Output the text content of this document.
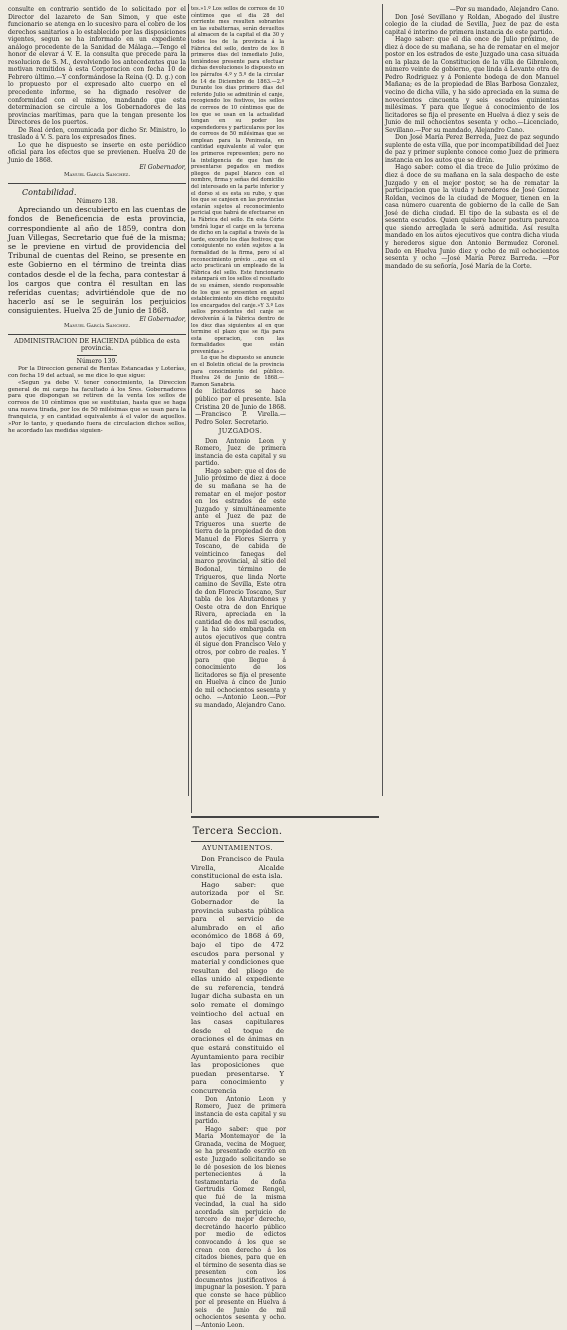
consulte en contrario sentido de lo solicitado por el Director del lazareto de San Simon, y que este funcionario se atenga en lo sucesivo para el cobro de los derechos sanitarios a lo establecido por las disposiciones vigentes, segun se ha informado en un expediente análogo procedente de la Sanidad de Málaga.—Tengo el honor de elevar á V. E. la consulta que precede para la resolucion de S. M., devolviendo los antecedentes que la motivan remitidos á esta Corporacion con fecha 10 de Febrero último.—Y conformándose la Reina (Q. D. g.) con lo propuesto por el expresado alto cuerpo en el precedente informe, se ha dignado resolver de conformidad con el mismo, mandando que esta determinacion se circule a los Gobernadores de las provincias marítimas, para que la tengan presente los Directores de los puertos.

De Real órden, comunicada por dicho Sr. Ministro, lo traslado á V. S. para los expresados fines.

Lo que he dispuesto se inserte en este periódico oficial para los efectos que se previenen. Huelva 20 de Junio de 1868.

El Gobernador,

Manuel García Sanchez.

Contabilidad.

Número 138.

Apreciando un descubierto en las cuentas de fondos de Beneficencia de esta provincia, correspondiente al año de 1859, contra don Juan Villegas, Secretario que fué de la misma; se le previene en virtud de providencia del Tribunal de cuentas del Reino, se presente en este Gobierno en el término de treinta dias contados desde el de la fecha, para contestar á los cargos que contra él resultan en las referidas cuentas; advirtiéndole que de no hacerlo así se le seguirán los perjuicios consiguientes. Huelva 25 de Junio de 1868.

El Gobernador,

Manuel García Sanchez.

ADMINISTRACION DE HACIENDA pública de esta provincia.

Número 139.

Por la Direccion general de Rentas Estancadas y Loterías, con fecha 19 del actual, se me dice lo que sigue:

«Segun ya debe V. tener conocimiento, la Direccion general de mi cargo ha facultado á los Sres. Gobernadores para que dispongan se retiren de la venta los sellos de correos de 10 céntimos que se sustituian, hasta que se haga una nueva tirada, por los de 50 milésimas que se usan para la franquicia, y en cantidad equivalente á el valor de aquellos. »Por lo tanto, y quedando fuera de circulacion dichos sellos, he acordado las medidas siguien-

tes.»1.º Los sellos de correos de 10 céntimos que el dia 28 del corriente mes resulten sobrantes en las subalternas, serán devueltos al almacen de la capital el dia 30 y todos los de la provincia á la Fábrica del sello, dentro de los 8 primeros dias del inmediato Julio, teniéndose presente para efectuar dichas devoluciones lo dispuesto en los párrafos 4.º y 5.º de la circular de 14 de Diciembre de 1863.—2.º Durante los dias primero dias del referido Julio se admitirán el canje, recogiendo los festivos, los sellos de correos de 10 céntimos que de los que se usan en la actualidad tengan en su poder los expendedores y particulares por los de correos de 50 milésimas que se emplean para la Peninsula, en cantidad equivalente al valor que los primeros representen; pero no la inteligencia de que han de presentarse pegados en medios pliegos de papel blanco con el nombre, firma y señas del domicilio del interesado en la parte inferior y el dorso si es esta su rubo, y que los que se canjeen en las provincias estarán sujetos al reconocimiento pericial que habrá de efectuarse en la Fábrica del sello. En esta Córte tendrá lugar el canje en la tercena de dicho en la capital a través de la tarde, excepto los dias festivos; que consiguiente no estén sujetos a la formalidad de la firma, pero sí al reconocimiento prévio ...que en el acto practicará un empleado de la Fábrica del sello. Este funcionario estampará en los sellos el resultado de su exámen, siendo responsable de los que se presenten en aquel establecimiento sin dicho requisito los encargados del canje.»Y 3.º Los sellos procedentes del canje se devolverán á la Fábrica dentro de los diez dias siguientes al en que termine el plazo que se fija para esta operacion, con las formalidades que están prevenidas.»

Lo que he dispuesto se anuncie en el Boletin oficial de la provincia para conocimiento del público. Huelva 24 de Junio de 1868.—Ramon Sanabria.

de licitadores se hace público por el presente. Isla Cristina 20 de Junio de 1868.—Francisco P. Virella.—Pedro Soler. Secretario.

JUZGADOS.

Don Antonio Leon y Romero, Juez de primera instancia de esta capital y su partido.

Hago saber: que el dos de Julio próximo de diez á doce de su mañana se ha de rematar en el mejor postor en los estrados de este Juzgado y simultáneamente ante el Juez de paz de Trigueros una suerte de tierra de la propiedad de don Manuel de Flores Sierra y Toscano, de cabida de veinticinco fanegas del marco provincial, al sitio del Bodonal, término de Trigueros, que linda Norte camino de Sevilla, Este otra de don Florecio Toscano, Sur tabla de los Abutardones y Oeste otra de don Enrique Rivera, apreciada en la cantidad de dos mil escudos, y la ha sido embargada en autos ejecutivos que contra él sigue don Francisco Velo y otros, por cobro de reales. Y para que llegue á conocimiento de los licitadores se fija el presente en Huelva á cinco de Junio de mil ochocientos sesenta y ocho. —Antonio Leon.—Por su mandado, Alejandro Cano.

Tercera Seccion.

AYUNTAMIENTOS.

Don Francisco de Paula Virella, Alcalde constitucional de esta isla.

Hago saber: que autorizada por el Sr. Gobernador de la provincia subasta pública para el servicio de alumbrado en el año económico de 1868 á 69, bajo el tipo de 472 escudos para personal y material y condiciones que resultan del pliego de ellas unido al expediente de su referencia, tendrá lugar dicha subasta en un solo remate el domingo veintiocho del actual en las casas capitulares desde el toque de oraciones el de ánimas en que estará constituido el Ayuntamiento para recibir las proposiciones que puedan presentarse. Y para conocimiento y concurrencia

Don Antonio Leon y Romero, Juez de primera instancia de esta capital y su partido.

Hago saber: que por Maria Montemayor de la Granada, vecina de Moguer, se ha presentado escrito en este Juzgado solicitando se le dé posesion de los bienes pertenecientes á la testamentaria de doña Gertrudis Gomez Rengel, que fué de la misma vecindad, la cual ha sido acordada sin perjuicio de tercero de mejor derecho, decretándo hacerlo público por medio de edictos convocando á los que se crean con derecho á los citados bienes, para que en el término de sesenta dias se presenten con los documentos justificativos á impugnar la posesion. Y para que conste se hace público por el presente en Huelva á seis de Junio de mil ochocientos sesenta y ocho.—Antonio Leon.

—Por su mandado, Alejandro Cano.

Don José Sevillano y Roldan, Abogado del ilustre colegio de la ciudad de Sevilla, Juez de paz de esta capital é interino de primera instancia de este partido.

Hago saber: que el dia once de Julio próximo, de diez á doce de su mañana, se ha de rematar en el mejor postor en los estrados de este Juzgado una casa situada en la plaza de la Constitucion de la villa de Gibraleon, número veinte de gobierno, que linda á Levante otra de Pedro Rodriguez y á Poniente bodega de don Manuel Mañana; es de la propiedad de Blas Barbosa Gonzalez, vecino de dicha villa, y ha sido apreciada en la suma de novecientos cincuenta y seis escudos quinientas milésimas. Y para que llegue á conocimiento de los licitadores se fija el presente en Huelva á diez y seis de Junio de mil ochocientos sesenta y ocho.—Licenciado, Sevillano.—Por su mandado, Alejandro Cano.

Don José María Perez Berreda, Juez de paz segundo suplente de esta villa, que por incompatibilidad del Juez de paz y primer suplente conoce como Juez de primera instancia en los autos que se dirán.

Hago saber: como el dia trece de Julio próximo de diez á doce de su mañana en la sala despacho de este Juzgado y en el mejor postor, se ha de rematar la participacion que la viuda y herederos de José Gomez Roldan, vecinos de la ciudad de Moguer, tienen en la casa número cuarenta de gobierno de la calle de San José de dicha ciudad. El tipo de la subasta es el de sesenta escudos. Quien quisiere hacer postura parezca que siendo arreglada le será admitida. Así resulta mandado en los autos ejecutivos que contra dicha viuda y herederos sigue don Antonio Bermudez Coronel. Dado en Huelva Junio diez y ocho de mil ochocientos sesenta y ocho —José María Perez Barreda. —Por mandado de su señoría, José María de la Corte.
